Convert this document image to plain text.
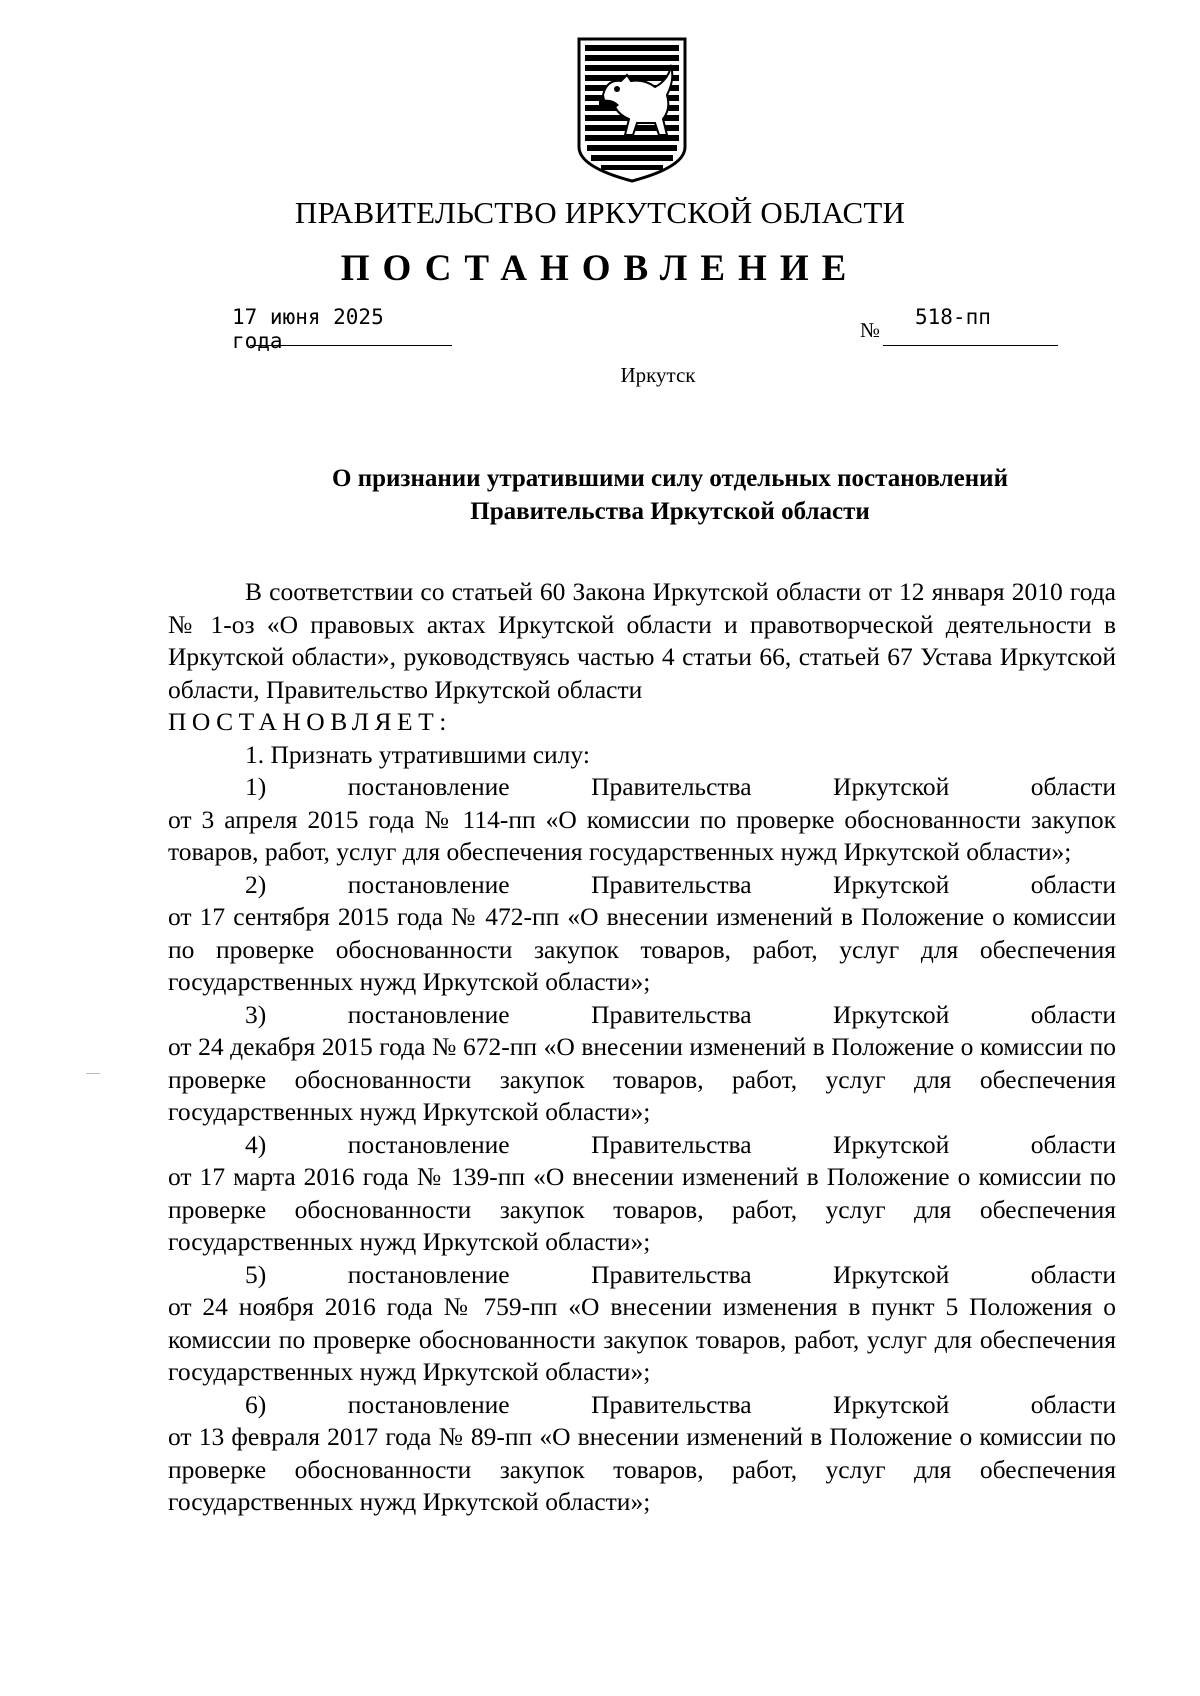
ПРАВИТЕЛЬСТВО ИРКУТСКОЙ ОБЛАСТИ
ПОСТАНОВЛЕНИЕ
17 июня 2025 года	№
518-пп
Иркутск
О признании утратившими силу отдельных постановлений
Правительства Иркутской области

В соответствии со статьей 60 Закона Иркутской области от 12 января 2010 года № 1-оз «О правовых актах Иркутской области и правотворческой деятельности в Иркутской области», руководствуясь частью 4 статьи 66, статьей 67 Устава Иркутской области, Правительство Иркутской области

ПОСТАНОВЛЯЕТ:

1. Признать утратившими силу:

1)	постановление	Правительства	Иркутской	области

от 3 апреля 2015 года № 114-пп «О комиссии по проверке обоснованности закупок товаров, работ, услуг для обеспечения государственных нужд Иркутской области»;

2)	постановление	Правительства	Иркутской	области

от 17 сентября 2015 года № 472-пп «О внесении изменений в Положение о комиссии по проверке обоснованности закупок товаров, работ, услуг для обеспечения государственных нужд Иркутской области»;

3)	постановление	Правительства	Иркутской	области

от 24 декабря 2015 года № 672-пп «О внесении изменений в Положение о комиссии по проверке обоснованности закупок товаров, работ, услуг для обеспечения государственных нужд Иркутской области»;

4)	постановление	Правительства	Иркутской	области

от 17 марта 2016 года № 139-пп «О внесении изменений в Положение о комиссии по проверке обоснованности закупок товаров, работ, услуг для обеспечения государственных нужд Иркутской области»;

5)	постановление	Правительства	Иркутской	области

от 24 ноября 2016 года № 759-пп «О внесении изменения в пункт 5 Положения о комиссии по проверке обоснованности закупок товаров, работ, услуг для обеспечения государственных нужд Иркутской области»;

6)	постановление	Правительства	Иркутской	области

от 13 февраля 2017 года № 89-пп «О внесении изменений в Положение о комиссии по проверке обоснованности закупок товаров, работ, услуг для обеспечения государственных нужд Иркутской области»;
